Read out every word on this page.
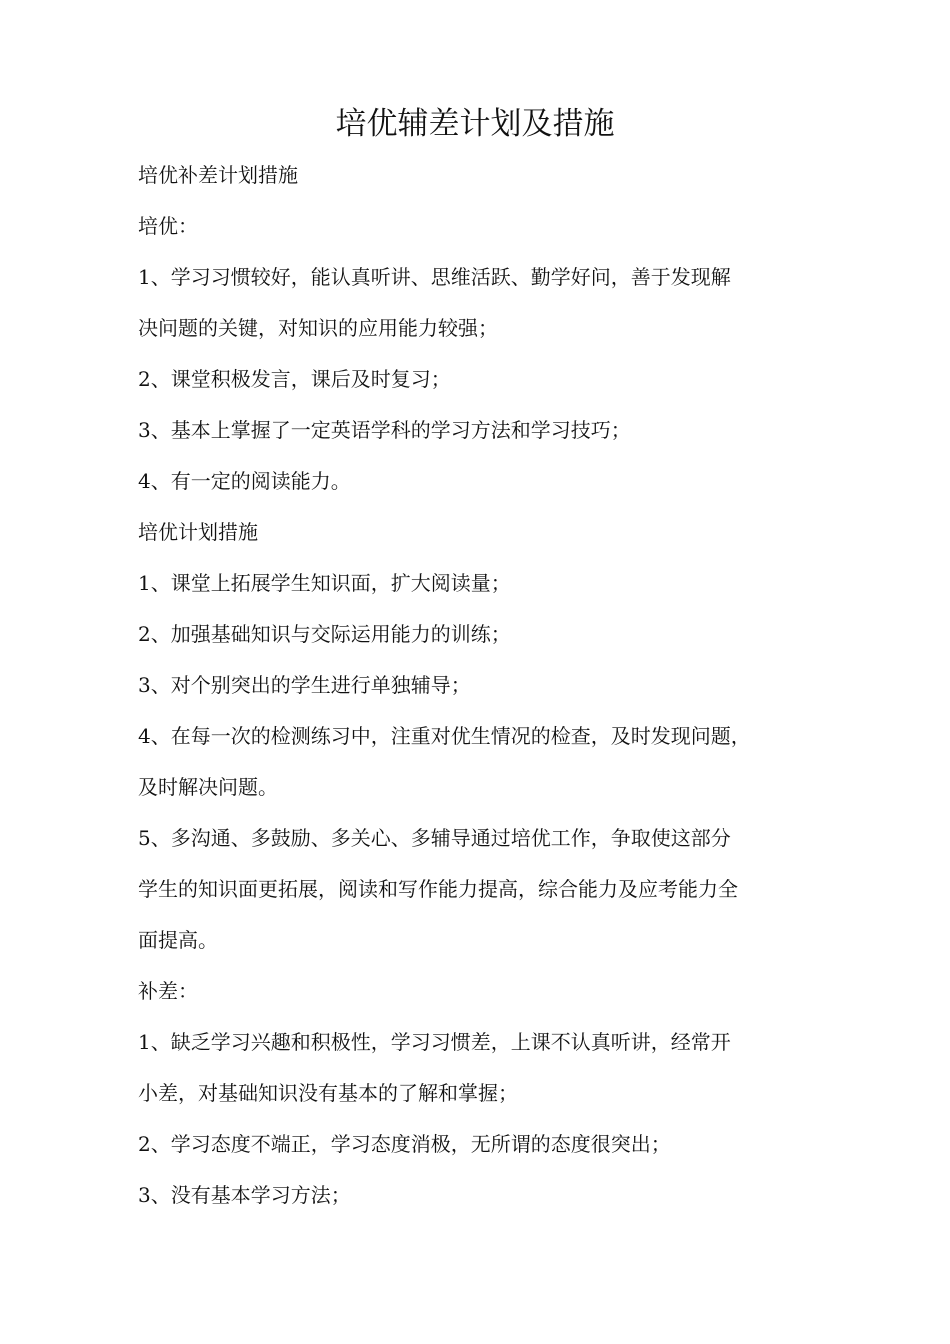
培优辅差计划及措施

培优补差计划措施

培优：

1、学习习惯较好，能认真听讲、思维活跃、勤学好问，善于发现解
决问题的关键，对知识的应用能力较强；

2、课堂积极发言，课后及时复习；

3、基本上掌握了一定英语学科的学习方法和学习技巧；

4、有一定的阅读能力。

培优计划措施

1、课堂上拓展学生知识面，扩大阅读量；

2、加强基础知识与交际运用能力的训练；

3、对个别突出的学生进行单独辅导；

4、在每一次的检测练习中，注重对优生情况的检查，及时发现问题，
及时解决问题。

5、多沟通、多鼓励、多关心、多辅导通过培优工作，争取使这部分
学生的知识面更拓展，阅读和写作能力提高，综合能力及应考能力全
面提高。

补差：

1、缺乏学习兴趣和积极性，学习习惯差，上课不认真听讲，经常开
小差，对基础知识没有基本的了解和掌握；

2、学习态度不端正，学习态度消极，无所谓的态度很突出；

3、没有基本学习方法；
